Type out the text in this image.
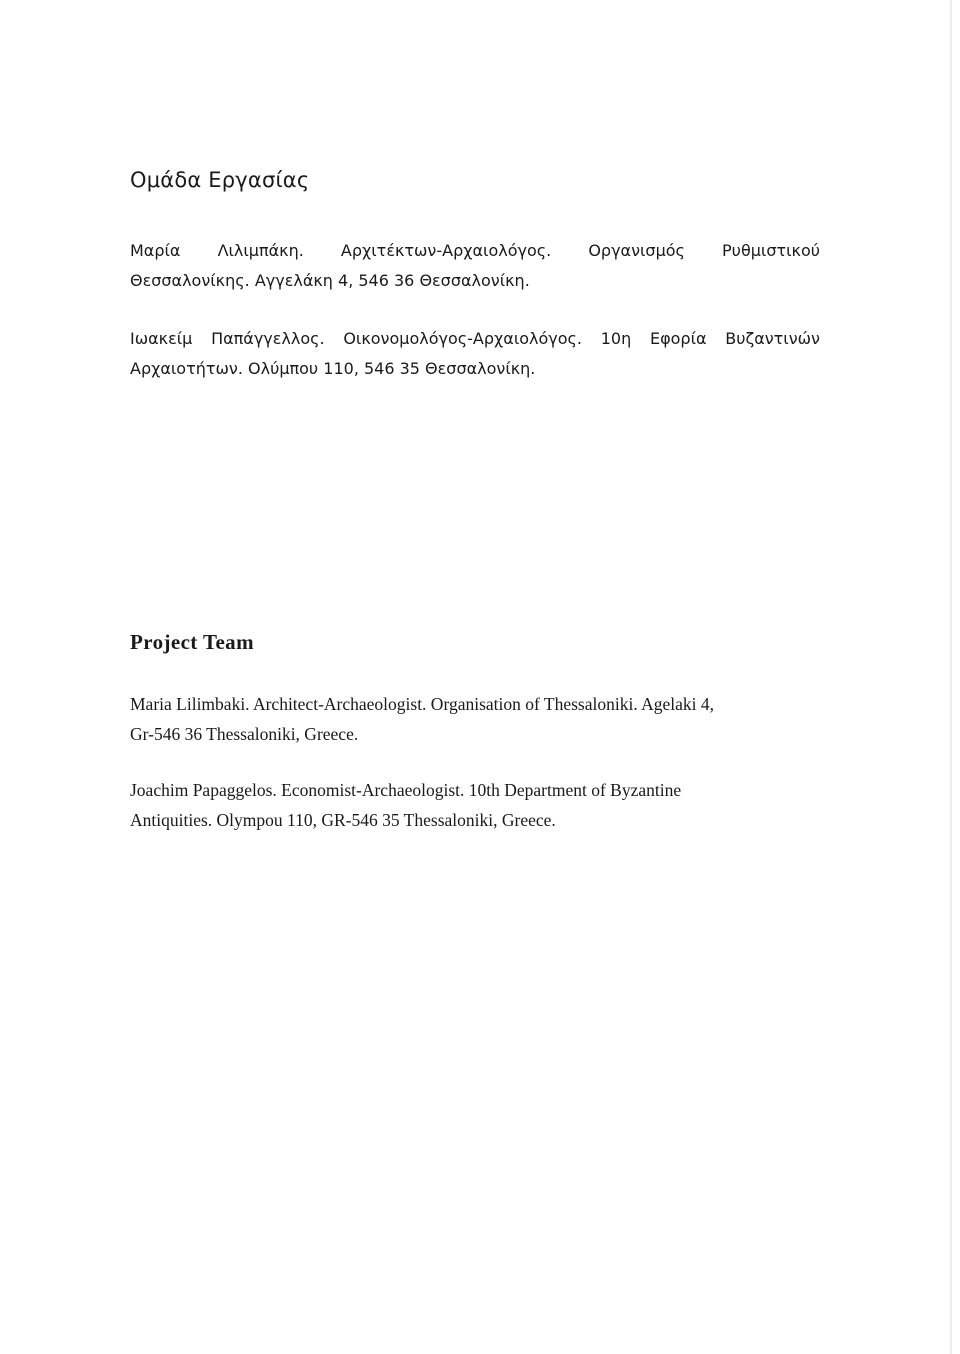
Ομάδα Εργασίας

Μαρία Λιλιμπάκη. Αρχιτέκτων-Αρχαιολόγος. Οργανισμός Ρυθμιστικού
Θεσσαλονίκης. Αγγελάκη 4, 546 36 Θεσσαλονίκη.

Ιωακείμ Παπάγγελλος. Οικονομολόγος-Αρχαιολόγος. 10η Εφορία Βυζαντινών
Αρχαιοτήτων. Ολύμπου 110, 546 35 Θεσσαλονίκη.

Project Team

Maria Lilimbaki. Architect-Archaeologist. Organisation of Thessaloniki. Agelaki 4,
Gr-546 36 Thessaloniki, Greece.

Joachim Papaggelos. Economist-Archaeologist. 10th Department of Byzantine
Antiquities. Olympou 110, GR-546 35 Thessaloniki, Greece.
